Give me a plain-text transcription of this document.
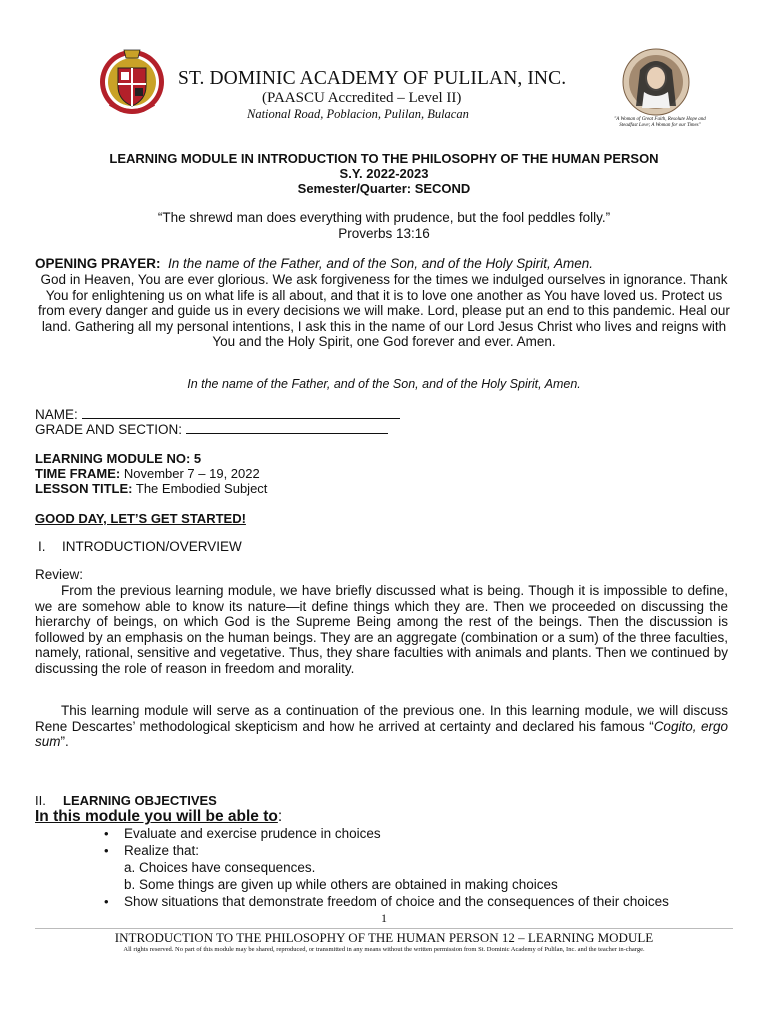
"A Woman of Great Faith, Resolute Hope and Steadfast Love; A Woman for our Times"
ST. DOMINIC ACADEMY OF PULILAN, INC.
(PAASCU Accredited – Level II)
National Road, Poblacion, Pulilan, Bulacan
LEARNING MODULE IN INTRODUCTION TO THE PHILOSOPHY OF THE HUMAN PERSON
S.Y. 2022-2023
Semester/Quarter: SECOND
“The shrewd man does everything with prudence, but the fool peddles folly.”
Proverbs 13:16
OPENING PRAYER: In the name of the Father, and of the Son, and of the Holy Spirit, Amen.
God in Heaven, You are ever glorious. We ask forgiveness for the times we indulged ourselves in ignorance. Thank You for enlightening us on what life is all about, and that it is to love one another as You have loved us. Protect us from every danger and guide us in every decisions we will make. Lord, please put an end to this pandemic. Heal our land. Gathering all my personal intentions, I ask this in the name of our Lord Jesus Christ who lives and reigns with You and the Holy Spirit, one God forever and ever. Amen.
In the name of the Father, and of the Son, and of the Holy Spirit, Amen.
NAME:
GRADE AND SECTION:
LEARNING MODULE NO: 5
TIME FRAME: November 7 – 19, 2022
LESSON TITLE: The Embodied Subject
GOOD DAY, LET’S GET STARTED!
I. INTRODUCTION/OVERVIEW
Review:
From the previous learning module, we have briefly discussed what is being. Though it is impossible to define, we are somehow able to know its nature—it define things which they are. Then we proceeded on discussing the hierarchy of beings, on which God is the Supreme Being among the rest of the beings. Then the discussion is followed by an emphasis on the human beings. They are an aggregate (combination or a sum) of the three faculties, namely, rational, sensitive and vegetative. Thus, they share faculties with animals and plants. Then we continued by discussing the role of reason in freedom and morality.
This learning module will serve as a continuation of the previous one. In this learning module, we will discuss Rene Descartes’ methodological skepticism and how he arrived at certainty and declared his famous “Cogito, ergo sum”.
II. LEARNING OBJECTIVES
In this module you will be able to:
• Evaluate and exercise prudence in choices
• Realize that:
a. Choices have consequences.
b. Some things are given up while others are obtained in making choices
• Show situations that demonstrate freedom of choice and the consequences of their choices
1
INTRODUCTION TO THE PHILOSOPHY OF THE HUMAN PERSON 12 – LEARNING MODULE
All rights reserved. No part of this module may be shared, reproduced, or transmitted in any means without the written permission from St. Dominic Academy of Pulilan, Inc. and the teacher in-charge.
